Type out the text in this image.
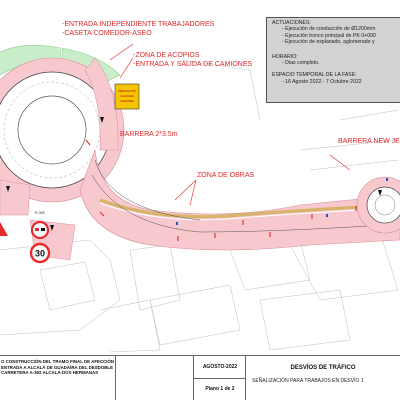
R-305
30
PRECAUCIÓN
SALIDA DE
CAMIONES
-ENTRADA INDEPENDIENTE TRABAJADORES
-CASETA COMEDOR-ASEO
-ZONA DE ACOPIOS
-ENTRADA Y SALIDA DE CAMIONES
BARRERA 2*3.5m
ZONA DE OBRAS
BARRERA NEW JE
ACTUACIONES:
- Ejecución de conducción de Ø1200mm
- Ejecución tronco principal de PK 0+000
- Ejecución de explanado, aglomerado y
HORARIO:
- Dias completo.
ESPACIO TEMPORAL DE LA FASE:
- 16 Agosto 2022 - 7 Octubre 2022
O CONSTRUCCIÓN DEL TRAMO FINAL DE AFECCIÓN
ENTRADA A ALCALÁ DE GUADAÍRA DEL DESDOBLE
CARRETERA A-392 ALCALÁ-DOS HERMANAS
AGOSTO-2022
Plano 1 de 2
DESVÍOS DE TRÁFICO
SEÑALIZACIÓN PARA TRABAJOS EN DESVÍO 1
